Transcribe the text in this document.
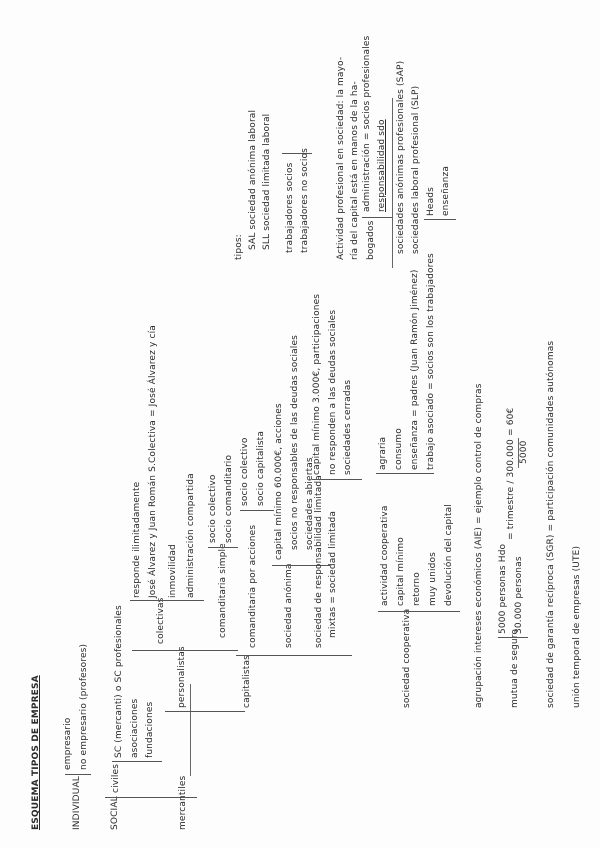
ESQUEMA TIPOS DE EMPRESA	INDIVIDUAL
empresario no empresario (profesores)
SOCIAL
civiles
SC (mercanti) o SC profesionales asociaciones fundaciones
mercantiles
personalistas
colectivas
responde ilimitadamente José Álvarez y Juan Román S.Colectiva = José Álvarez y cía inmovilidad administración compartida comanditaria simple
socio colectivo socio comanditario
capitalistas
comanditaria por acciones
socio colectivo socio capitalista
sociedad anónima
capital mínimo 60.000€, acciones socios no responsables de las deudas sociales sociedades abiertas
tipos: SAL sociedad anónima laboral SLL sociedad limitada laboral trabajadores socios trabajadores no socios
sociedad de responsabilidad limitada mixtas = sociedad limitada
capital mínimo 3.000€, participaciones no responden a las deudas sociales sociedades cerradas
Actividad profesional en sociedad: la mayo- ría del capital está en manos de la ha- bogados
administración = socios profesionales responsabilidad sdo sociedades anónimas profesionales (SAP) sociedades laboral profesional (SLP) Heads enseñanza
sociedad cooperativa
actividad cooperativa capital mínimo retorno muy unidos devolución del capital
agraria consumo enseñanza = padres (Juan Ramón Jiménez) trabajo asociado = socios son los trabajadores
agrupación intereses económicos (AIE) = ejemplo control de compras	mutua de seguro
5000 personas Hdo 30.000 personas
= trimestre / 300.000 5000
= 60€	sociedad de garantía recíproca (SGR) = participación comunidades autónomas unión temporal de empresas (UTE)
